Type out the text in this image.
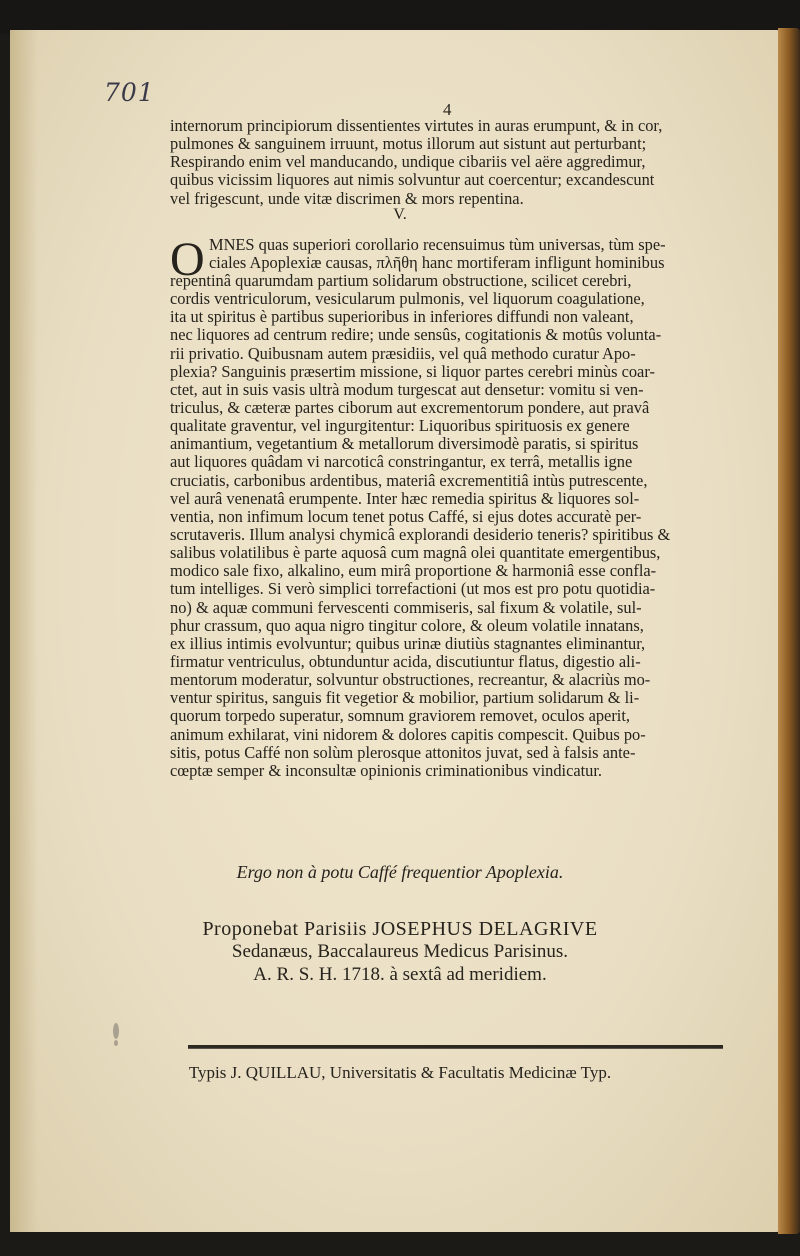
701
4
internorum principiorum dissentientes virtutes in auras erumpunt, & in cor,
pulmones & sanguinem irruunt, motus illorum aut sistunt aut perturbant;
Respirando enim vel manducando, undique cibariis vel aëre aggredimur,
quibus vicissim liquores aut nimis solvuntur aut coercentur; excandescunt
vel frigescunt, unde vitæ discrimen & mors repentina.
V.
O MNES quas superiori corollario recensuimus tùm universas, tùm spe-
ciales Apoplexiæ causas, πλῆθη hanc mortiferam infligunt hominibus
repentinâ quarumdam partium solidarum obstructione, scilicet cerebri,
cordis ventriculorum, vesicularum pulmonis, vel liquorum coagulatione,
ita ut spiritus è partibus superioribus in inferiores diffundi non valeant,
nec liquores ad centrum redire; unde sensûs, cogitationis & motûs volunta-
rii privatio. Quibusnam autem præsidiis, vel quâ methodo curatur Apo-
plexia? Sanguinis præsertim missione, si liquor partes cerebri minùs coar-
ctet, aut in suis vasis ultrà modum turgescat aut densetur: vomitu si ven-
triculus, & cæteræ partes ciborum aut excrementorum pondere, aut pravâ
qualitate graventur, vel ingurgitentur: Liquoribus spirituosis ex genere
animantium, vegetantium & metallorum diversimodè paratis, si spiritus
aut liquores quâdam vi narcoticâ constringantur, ex terrâ, metallis igne
cruciatis, carbonibus ardentibus, materiâ excrementitiâ intùs putrescente,
vel aurâ venenatâ erumpente. Inter hæc remedia spiritus & liquores sol-
ventia, non infimum locum tenet potus Caffé, si ejus dotes accuratè per-
scrutaveris. Illum analysi chymicâ explorandi desiderio teneris? spiritibus &
salibus volatilibus è parte aquosâ cum magnâ olei quantitate emergentibus,
modico sale fixo, alkalino, eum mirâ proportione & harmoniâ esse confla-
tum intelliges. Si verò simplici torrefactioni (ut mos est pro potu quotidia-
no) & aquæ communi fervescenti commiseris, sal fixum & volatile, sul-
phur crassum, quo aqua nigro tingitur colore, & oleum volatile innatans,
ex illius intimis evolvuntur; quibus urinæ diutiùs stagnantes eliminantur,
firmatur ventriculus, obtunduntur acida, discutiuntur flatus, digestio ali-
mentorum moderatur, solvuntur obstructiones, recreantur, & alacriùs mo-
ventur spiritus, sanguis fit vegetior & mobilior, partium solidarum & li-
quorum torpedo superatur, somnum graviorem removet, oculos aperit,
animum exhilarat, vini nidorem & dolores capitis compescit. Quibus po-
sitis, potus Caffé non solùm plerosque attonitos juvat, sed à falsis ante-
cœptæ semper & inconsultæ opinionis criminationibus vindicatur.
Ergo non à potu Caffé frequentior Apoplexia.
Proponebat Parisiis JOSEPHUS DELAGRIVE
Sedanæus, Baccalaureus Medicus Parisinus.
A. R. S. H. 1718. à sextâ ad meridiem.
Typis J. QUILLAU, Universitatis & Facultatis Medicinæ Typ.
